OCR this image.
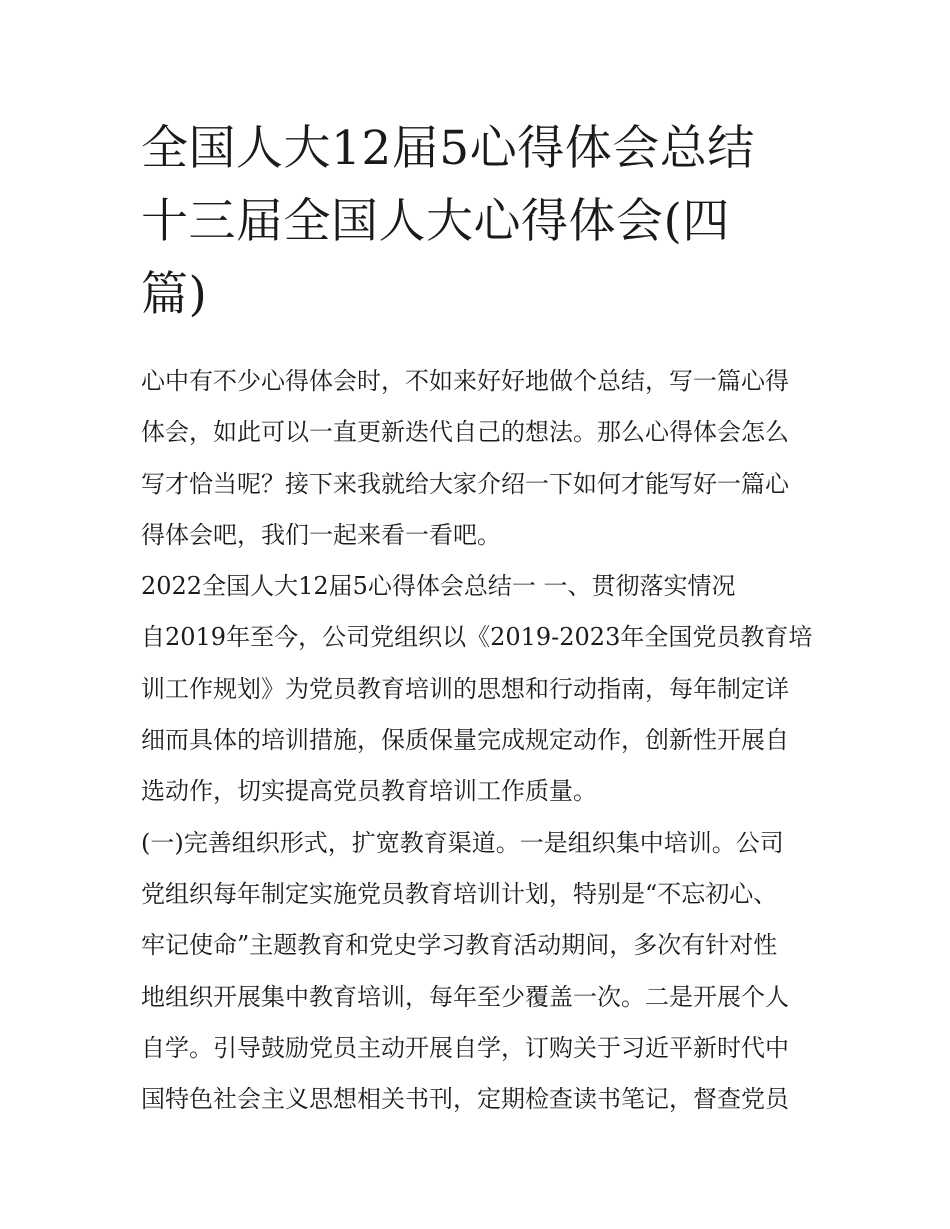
全国人大12届5心得体会总结
十三届全国人大心得体会(四
篇)
心中有不少心得体会时，不如来好好地做个总结，写一篇心得
体会，如此可以一直更新迭代自己的想法。那么心得体会怎么
写才恰当呢？接下来我就给大家介绍一下如何才能写好一篇心
得体会吧，我们一起来看一看吧。
2022全国人大12届5心得体会总结一 一、贯彻落实情况
自2019年至今，公司党组织以《2019-2023年全国党员教育培
训工作规划》为党员教育培训的思想和行动指南，每年制定详
细而具体的培训措施，保质保量完成规定动作，创新性开展自
选动作，切实提高党员教育培训工作质量。
(一)完善组织形式，扩宽教育渠道。一是组织集中培训。公司
党组织每年制定实施党员教育培训计划，特别是“不忘初心、
牢记使命”主题教育和党史学习教育活动期间，多次有针对性
地组织开展集中教育培训，每年至少覆盖一次。二是开展个人
自学。引导鼓励党员主动开展自学，订购关于习近平新时代中
国特色社会主义思想相关书刊，定期检查读书笔记，督查党员
